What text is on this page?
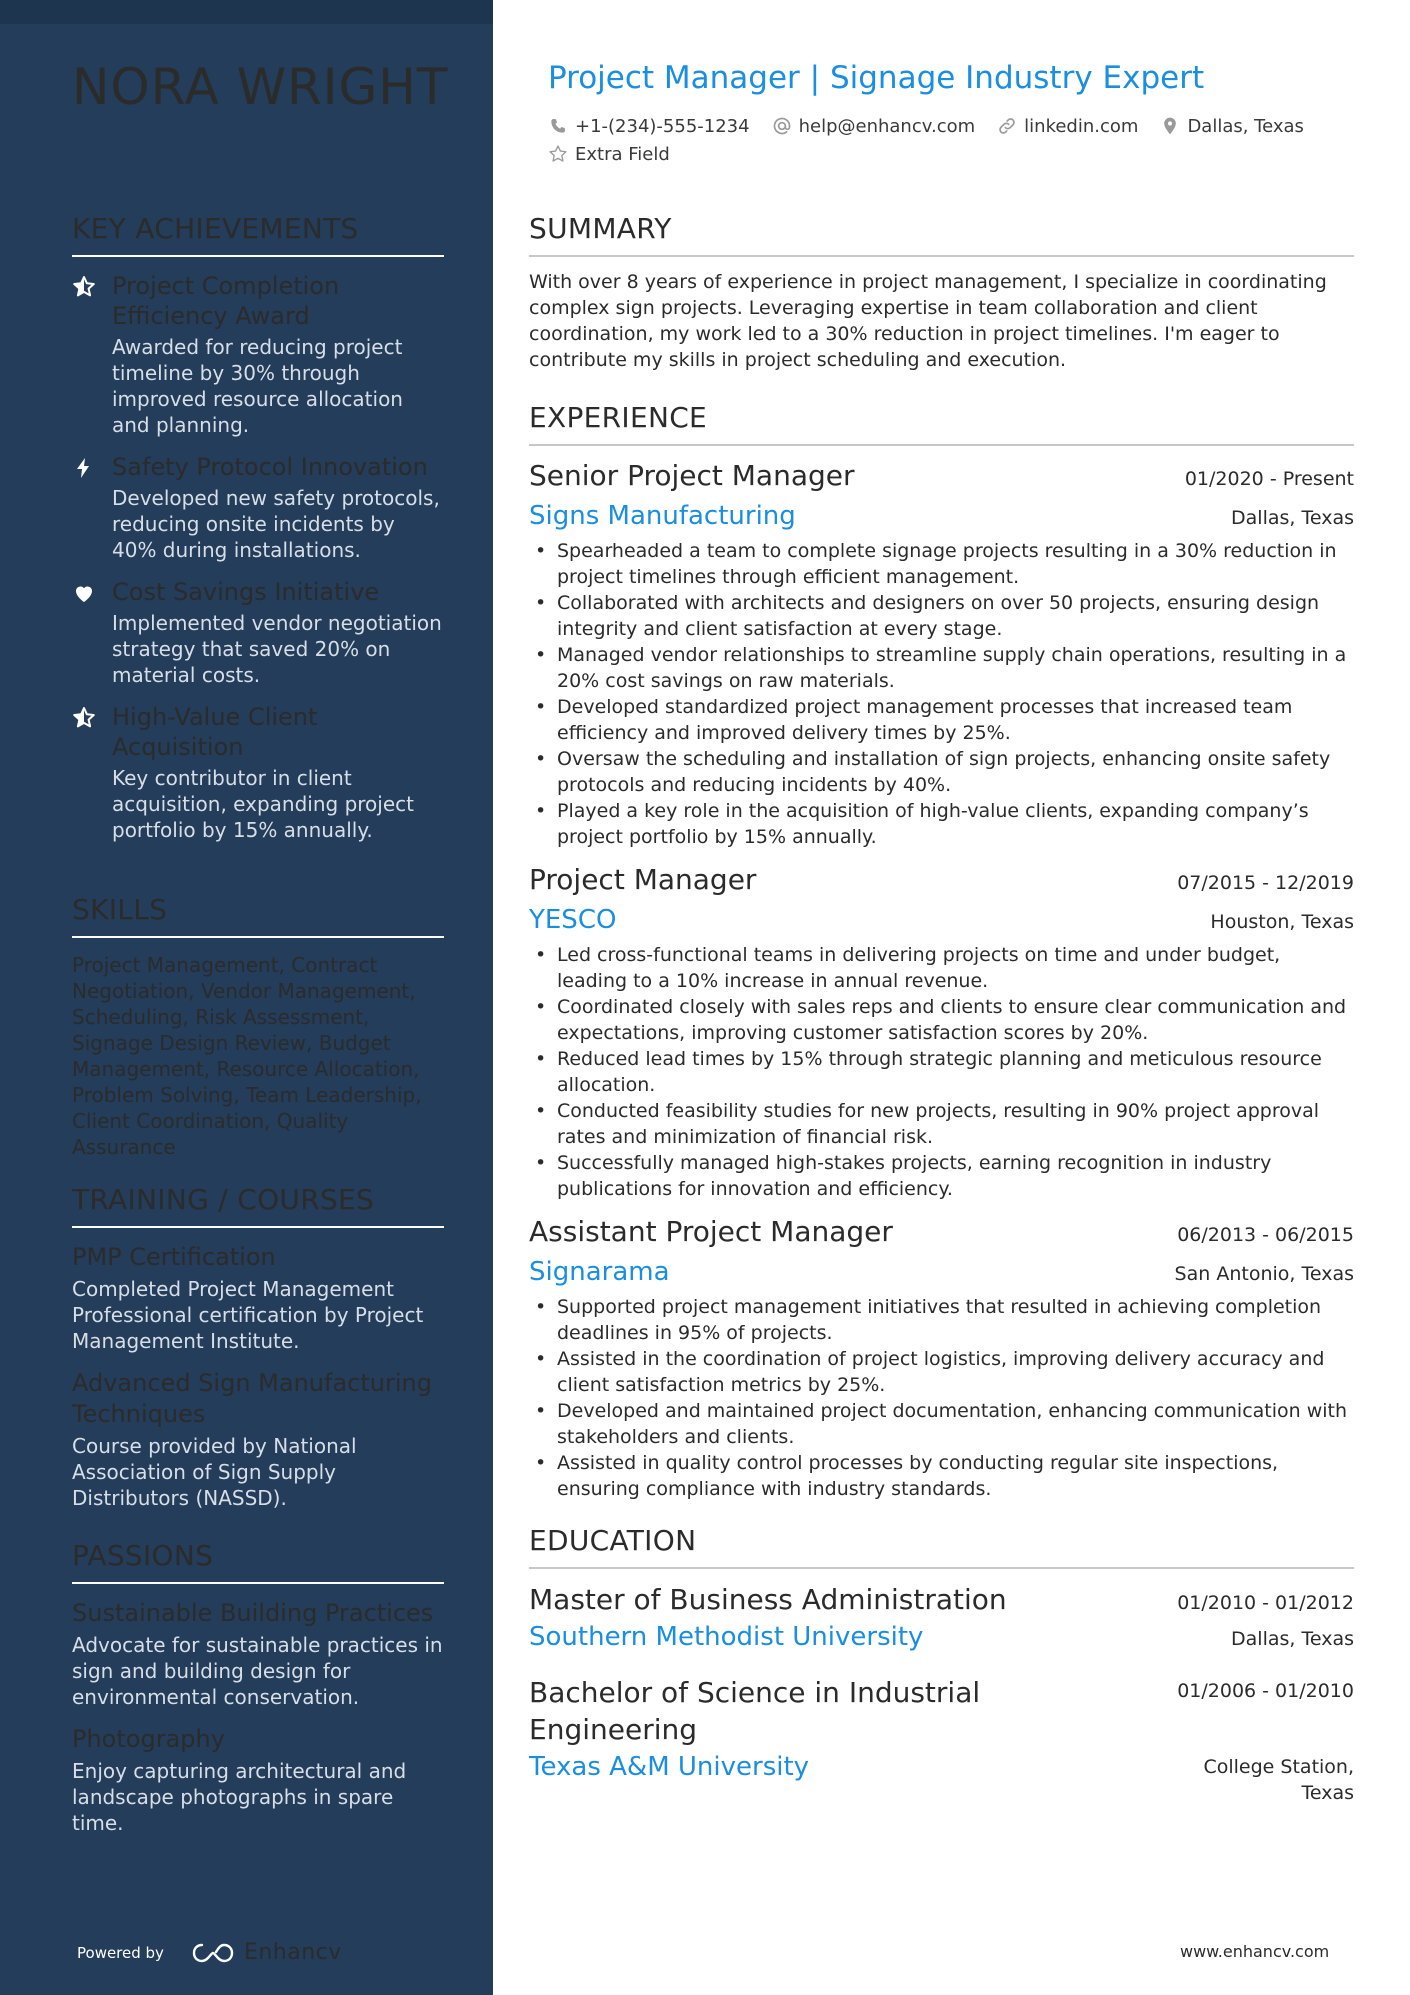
NORA WRIGHT
KEY ACHIEVEMENTS
Project Completion Efficiency Award
Awarded for reducing project timeline by 30% through improved resource allocation and planning.
Safety Protocol Innovation
Developed new safety protocols, reducing onsite incidents by 40% during installations.
Cost Savings Initiative
Implemented vendor negotiation strategy that saved 20% on material costs.
High-Value Client Acquisition
Key contributor in client acquisition, expanding project portfolio by 15% annually.
SKILLS
Project Management, Contract Negotiation, Vendor Management, Scheduling, Risk Assessment, Signage Design Review, Budget Management, Resource Allocation, Problem Solving, Team Leadership, Client Coordination, Quality Assurance
TRAINING / COURSES
PMP Certification
Completed Project Management Professional certification by Project Management Institute.
Advanced Sign Manufacturing Techniques
Course provided by National Association of Sign Supply Distributors (NASSD).
PASSIONS
Sustainable Building Practices
Advocate for sustainable practices in sign and building design for environmental conservation.
Photography
Enjoy capturing architectural and landscape photographs in spare time.
Powered by	Enhancv
Project Manager | Signage Industry Expert
+1-(234)-555-1234	help@enhancv.com	linkedin.com	Dallas, Texas
Extra Field
SUMMARY
With over 8 years of experience in project management, I specialize in coordinating complex sign projects. Leveraging expertise in team collaboration and client coordination, my work led to a 30% reduction in project timelines. I'm eager to contribute my skills in project scheduling and execution.
EXPERIENCE
Senior Project Manager	01/2020 - Present
Signs Manufacturing	Dallas, Texas
• Spearheaded a team to complete signage projects resulting in a 30% reduction in project timelines through efficient management.
• Collaborated with architects and designers on over 50 projects, ensuring design integrity and client satisfaction at every stage.
• Managed vendor relationships to streamline supply chain operations, resulting in a 20% cost savings on raw materials.
• Developed standardized project management processes that increased team efficiency and improved delivery times by 25%.
• Oversaw the scheduling and installation of sign projects, enhancing onsite safety protocols and reducing incidents by 40%.
• Played a key role in the acquisition of high-value clients, expanding company’s project portfolio by 15% annually.
Project Manager	07/2015 - 12/2019
YESCO	Houston, Texas
• Led cross-functional teams in delivering projects on time and under budget, leading to a 10% increase in annual revenue.
• Coordinated closely with sales reps and clients to ensure clear communication and expectations, improving customer satisfaction scores by 20%.
• Reduced lead times by 15% through strategic planning and meticulous resource allocation.
• Conducted feasibility studies for new projects, resulting in 90% project approval rates and minimization of financial risk.
• Successfully managed high-stakes projects, earning recognition in industry publications for innovation and efficiency.
Assistant Project Manager	06/2013 - 06/2015
Signarama	San Antonio, Texas
• Supported project management initiatives that resulted in achieving completion deadlines in 95% of projects.
• Assisted in the coordination of project logistics, improving delivery accuracy and client satisfaction metrics by 25%.
• Developed and maintained project documentation, enhancing communication with stakeholders and clients.
• Assisted in quality control processes by conducting regular site inspections, ensuring compliance with industry standards.
EDUCATION
Master of Business Administration	01/2010 - 01/2012
Southern Methodist University	Dallas, Texas
Bachelor of Science in Industrial Engineering
01/2006 - 01/2010
Texas A&M University	College Station, Texas
www.enhancv.com
